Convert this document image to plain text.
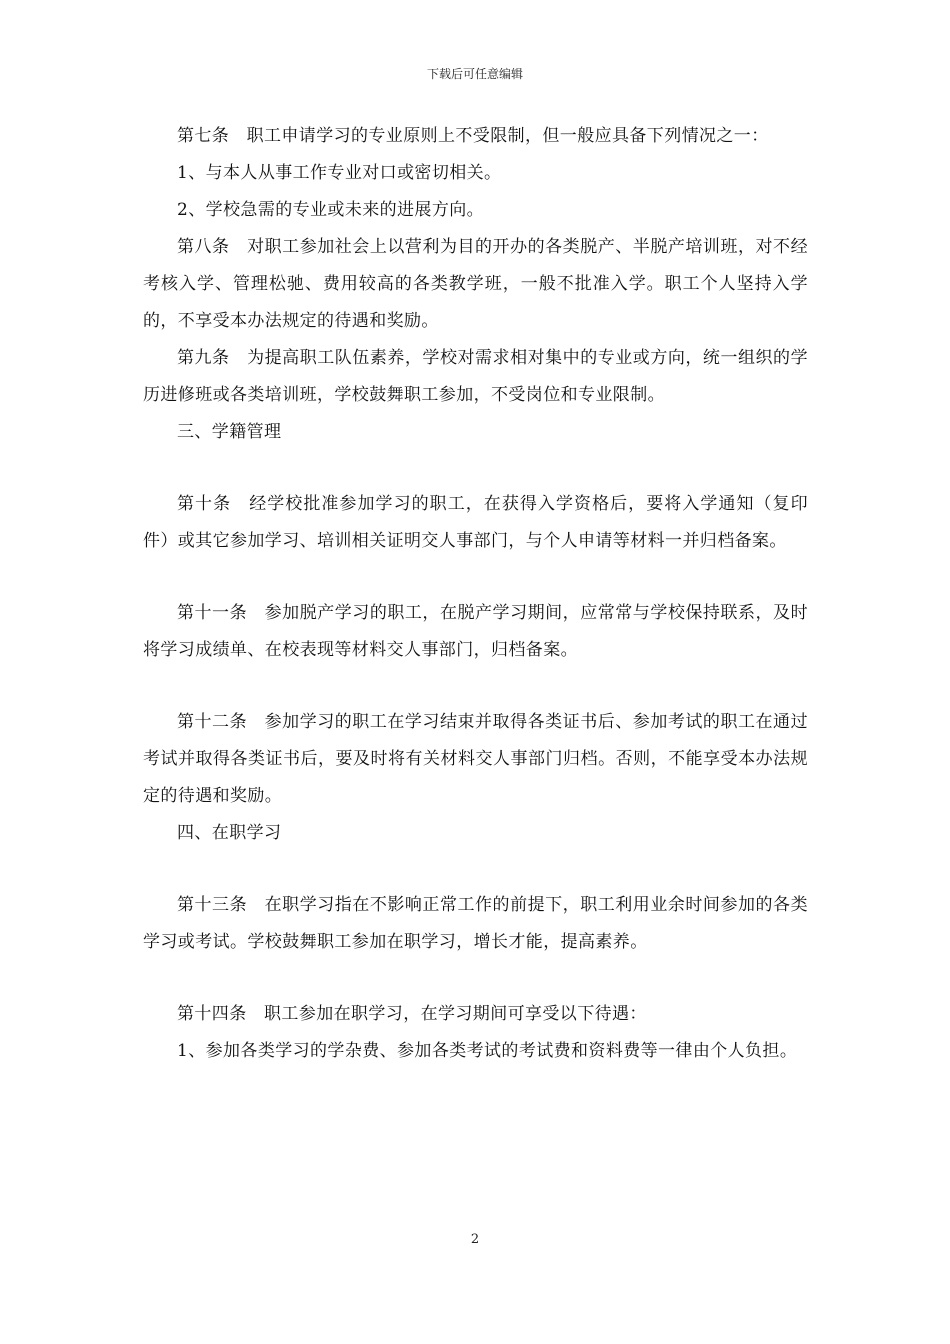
下载后可任意编辑

第七条　职工申请学习的专业原则上不受限制，但一般应具备下列情况之一：

1、与本人从事工作专业对口或密切相关。

2、学校急需的专业或未来的进展方向。

第八条　对职工参加社会上以营利为目的开办的各类脱产、半脱产培训班，对不经考核入学、管理松驰、费用较高的各类教学班，一般不批准入学。职工个人坚持入学的，不享受本办法规定的待遇和奖励。

第九条　为提高职工队伍素养，学校对需求相对集中的专业或方向，统一组织的学历进修班或各类培训班，学校鼓舞职工参加，不受岗位和专业限制。

三、学籍管理

第十条　经学校批准参加学习的职工，在获得入学资格后，要将入学通知（复印件）或其它参加学习、培训相关证明交人事部门，与个人申请等材料一并归档备案。

第十一条　参加脱产学习的职工，在脱产学习期间，应常常与学校保持联系，及时将学习成绩单、在校表现等材料交人事部门，归档备案。

第十二条　参加学习的职工在学习结束并取得各类证书后、参加考试的职工在通过考试并取得各类证书后，要及时将有关材料交人事部门归档。否则，不能享受本办法规定的待遇和奖励。

四、在职学习

第十三条　在职学习指在不影响正常工作的前提下，职工利用业余时间参加的各类学习或考试。学校鼓舞职工参加在职学习，增长才能，提高素养。

第十四条　职工参加在职学习，在学习期间可享受以下待遇：

1、参加各类学习的学杂费、参加各类考试的考试费和资料费等一律由个人负担。

2
